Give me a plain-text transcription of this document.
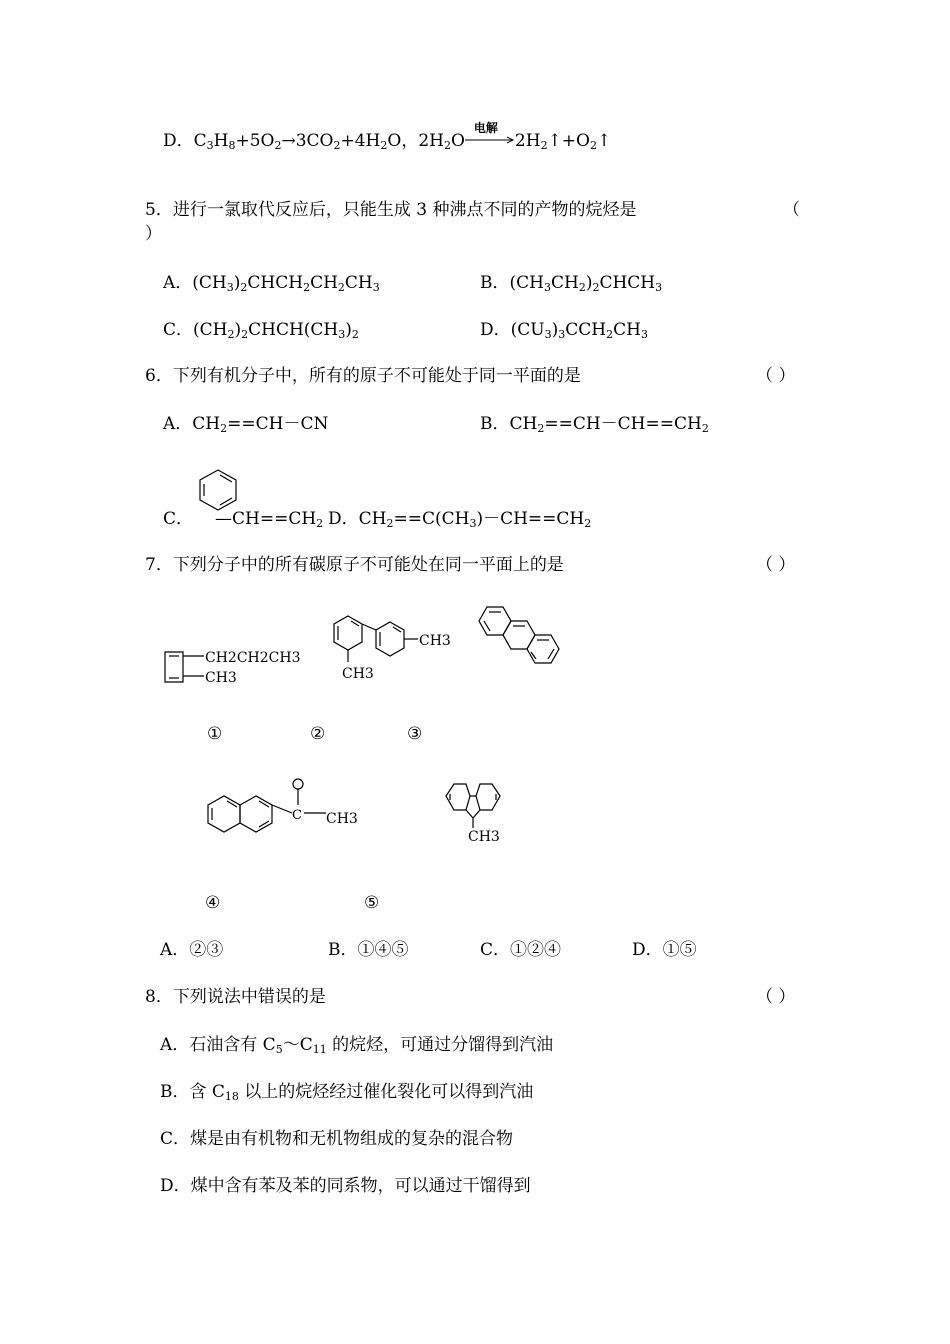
D．$C_3H_8+5O_2\to 3CO_2+4H_2O$，$2H_2O$
电解
$2H_2↑+O_2↑$
5．进行一氯取代反应后，只能生成 3 种沸点不同的产物的烷烃是	（
）
A．$(CH_3)_2CHCH_2CH_2CH_3$	B．$(CH_3CH_2)_2CHCH_3$
C．$(CH_2)_2CHCH(CH_3)_2$	D．$(CU_3)_3CCH_2CH_3$
6．下列有机分子中，所有的原子不可能处于同一平面的是	（ ）
A．$CH_2==CH-CN$	B．$CH_2==CH-CH==CH_2$
C． $—CH==CH_2$ D．$CH_2==C(CH_3)-CH==CH_2$
7．下列分子中的所有碳原子不可能处在同一平面上的是	（ ）
CH2CH2CH3
CH3
CH3
CH3
①	②	③
C CH3
CH3
④	⑤
A．②③	B．①④⑤	C．①②④	D．①⑤
8．下列说法中错误的是	（ ）
A．石油含有 $C_5\sim C_{11}$ 的烷烃，可通过分馏得到汽油
B．含 $C_{18}$ 以上的烷烃经过催化裂化可以得到汽油
C．煤是由有机物和无机物组成的复杂的混合物
D．煤中含有苯及苯的同系物，可以通过干馏得到
